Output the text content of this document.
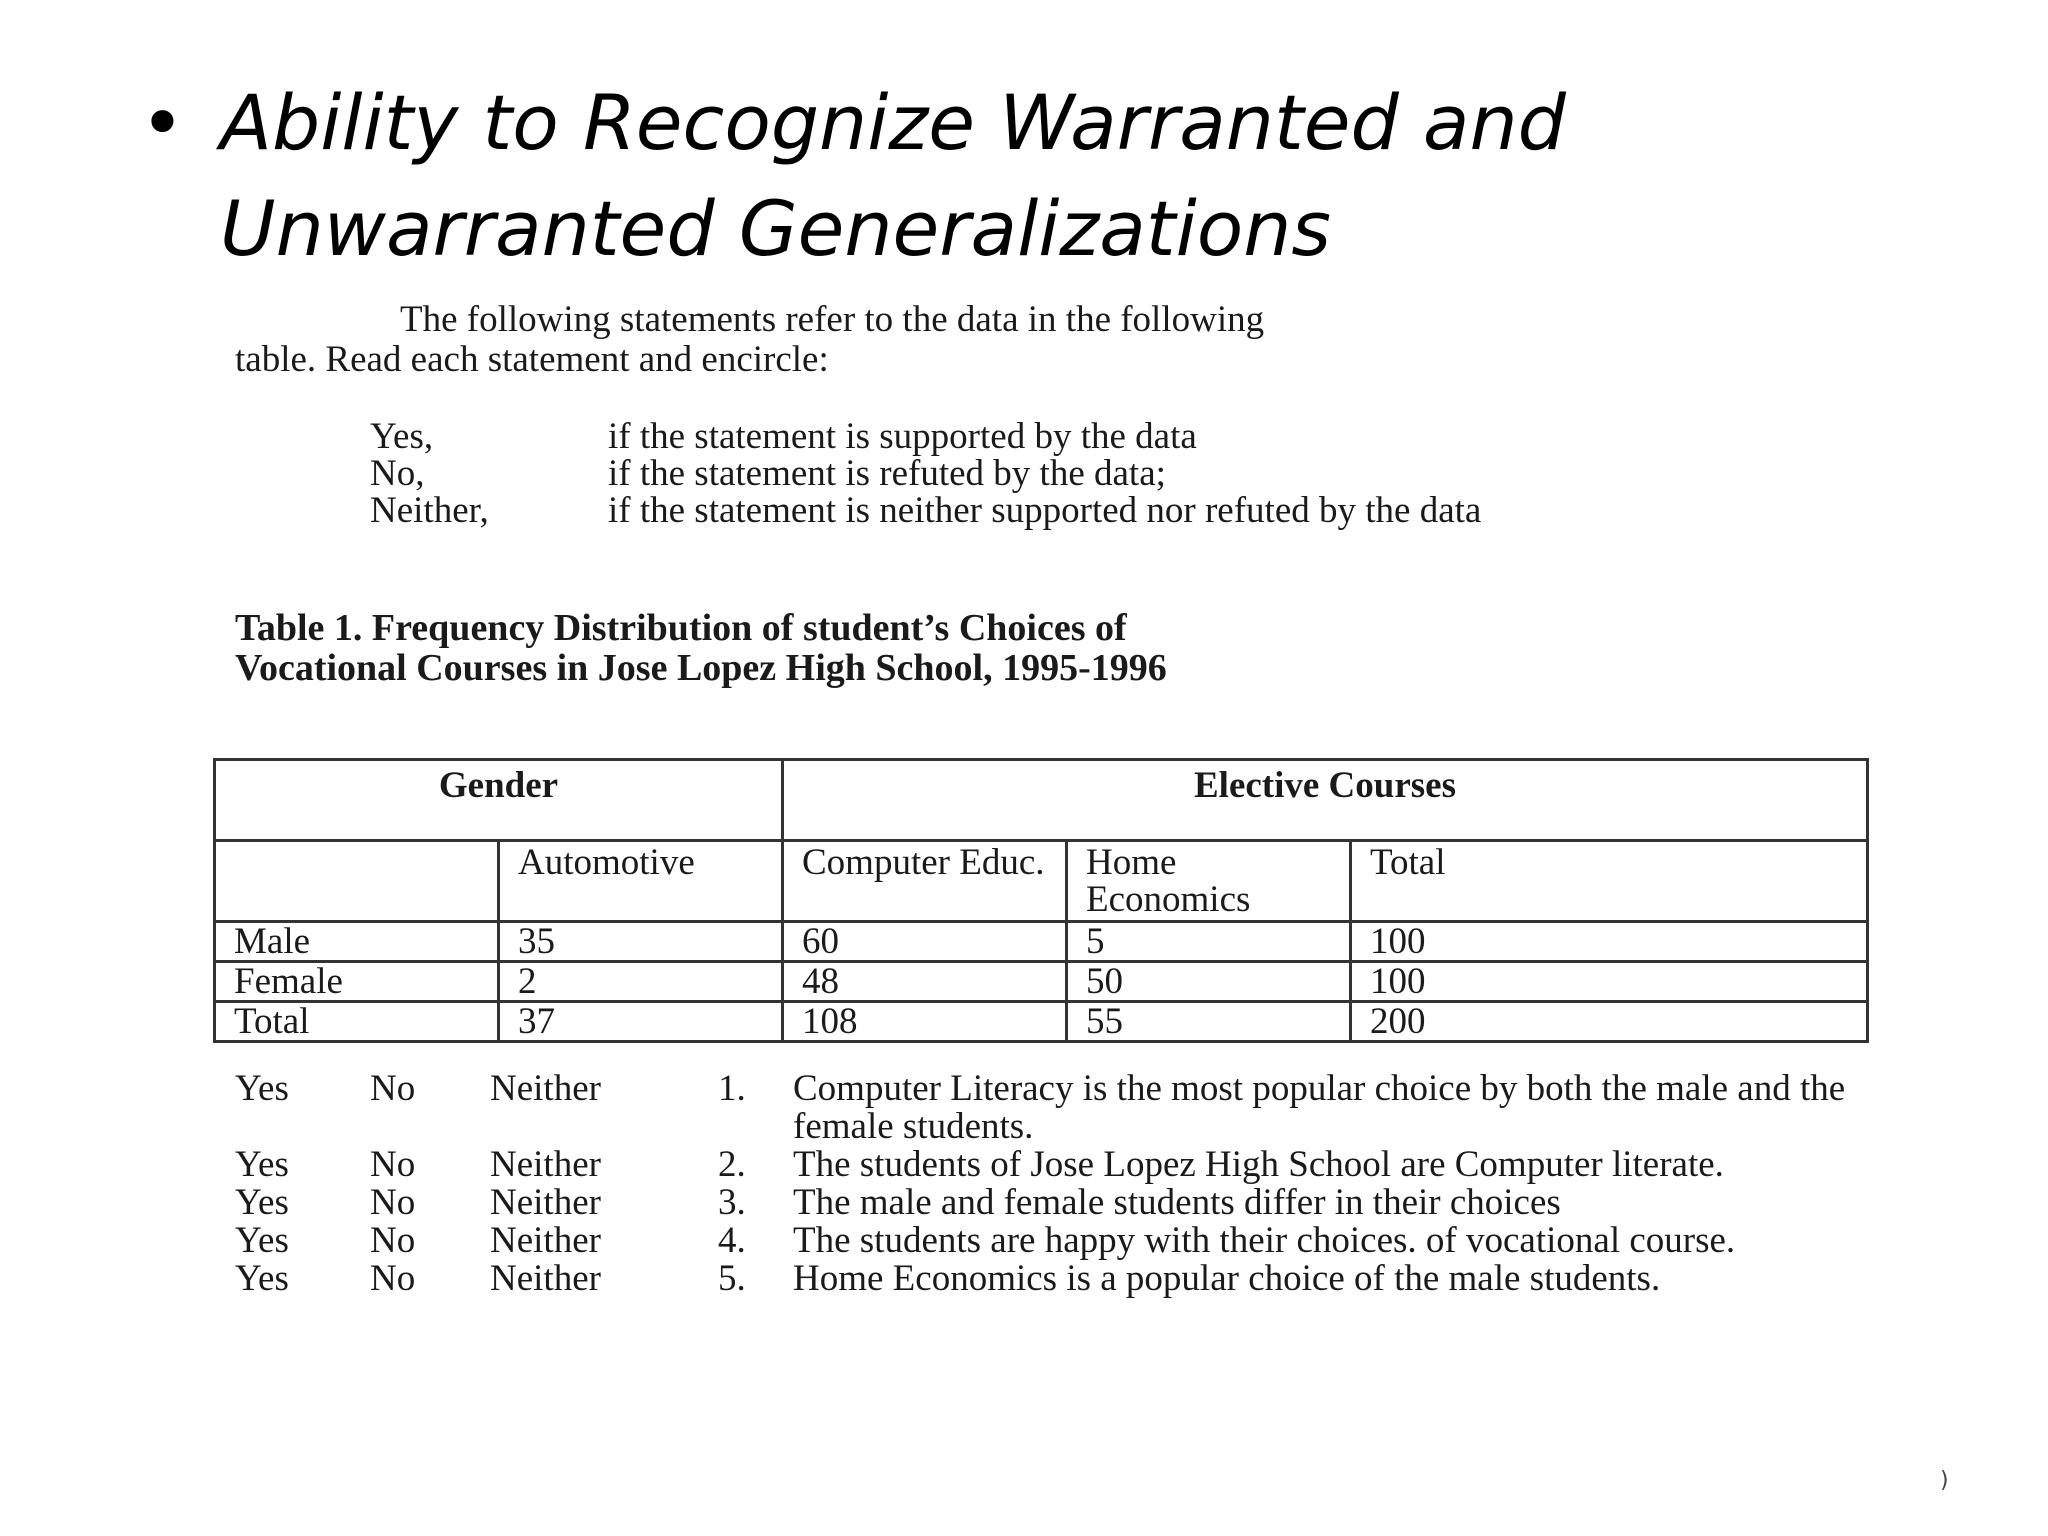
• Ability to Recognize Warranted and
Unwarranted Generalizations
The following statements refer to the data in the following
table. Read each statement and encircle:
Yes,	if the statement is supported by the data
No,	if the statement is refuted by the data;
Neither,	if the statement is neither supported nor refuted by the data
Table 1. Frequency Distribution of student’s Choices of
Vocational Courses in Jose Lopez High School, 1995-1996
Gender		Elective Courses		
	Automotive	Computer Educ.	Home Economics	Total
Male	35	60	5	100
Female	2	48	50	100
Total	37	108	55	200
Yes	No	Neither	1.	Computer Literacy is the most popular choice by both the male and the female students.
Yes	No	Neither	2.	The students of Jose Lopez High School are Computer literate.
Yes	No	Neither	3.	The male and female students differ in their choices
Yes	No	Neither	4.	The students are happy with their choices. of vocational course.
Yes	No	Neither	5.	Home Economics is a popular choice of the male students.
)
